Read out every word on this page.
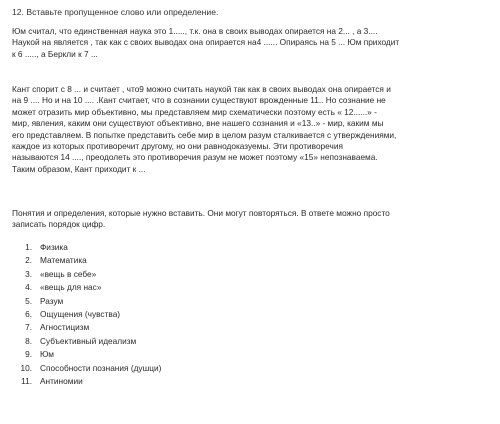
12. Вставьте пропущенное слово или определение.
Юм считал, что единственная наука это 1....., т.к. она в своих выводах опирается на 2... , а 3....
Наукой на является , так как с своих выводах она опирается на4 ...... Опираясь на 5 ... Юм приходит
к 6 ....., а Беркли к 7 ...
Кант спорит с 8 ... и считает , что9 можно считать наукой так как в своих выводах она опирается и
на 9 .... Но и на 10 .... .Кант считает, что в сознании существуют врожденные 11.. Но сознание не
может отразить мир объективно, мы представляем мир схематически поэтому есть « 12......» -
мир, явления, каким они существуют объективно, вне нашего сознания и «13..» - мир, каким мы
его представляем. В попытке представить себе мир в целом разум сталкивается с утверждениями,
каждое из которых противоречит другому, но они равнодоказуемы. Эти противоречия
называются 14 ...., преодолеть это противоречия разум не может поэтому «15» непознаваема.
Таким образом, Кант приходит к ...
Понятия и определения, которые нужно вставить. Они могут повторяться. В ответе можно просто
записать порядок цифр.
1. Физика
2. Математика
3. «вещь в себе»
4. «вещь для нас»
5. Разум
6. Ощущения (чувства)
7. Агностицизм
8. Субъективный идеализм
9. Юм
10. Способности познания (душци)
11. Антиномии
